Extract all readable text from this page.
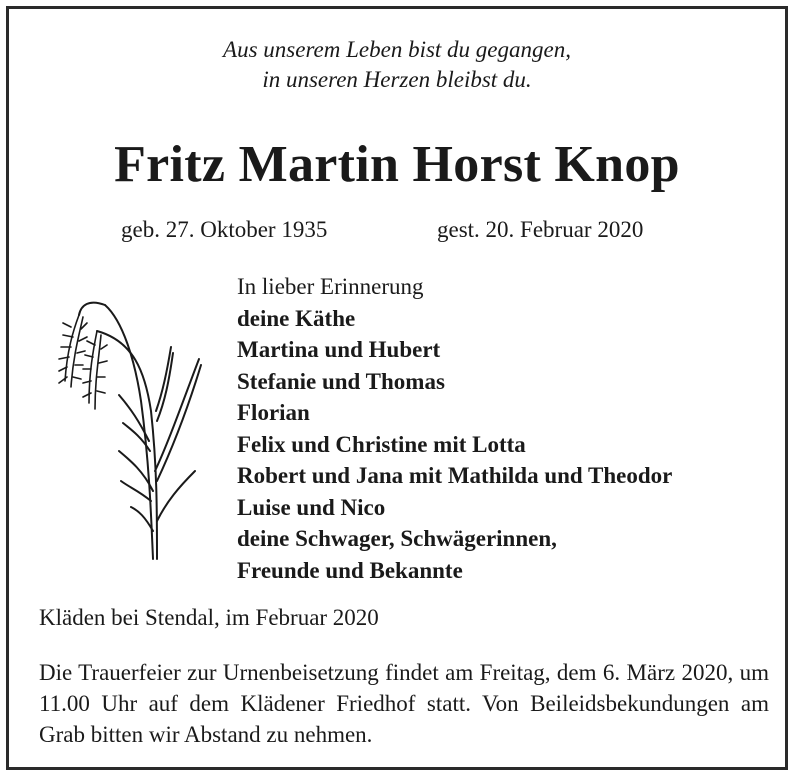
Aus unserem Leben bist du gegangen,
in unseren Herzen bleibst du.
Fritz Martin Horst Knop
geb. 27. Oktober 1935	gest. 20. Februar 2020
In lieber Erinnerung
deine Käthe
Martina und Hubert
Stefanie und Thomas
Florian
Felix und Christine mit Lotta
Robert und Jana mit Mathilda und Theodor
Luise und Nico
deine Schwager, Schwägerinnen,
Freunde und Bekannte
Kläden bei Stendal, im Februar 2020
Die Trauerfeier zur Urnenbeisetzung findet am Freitag, dem 6. März 2020, um 11.00 Uhr auf dem Klädener Friedhof statt. Von Beileidsbekundungen am Grab bitten wir Abstand zu nehmen.
